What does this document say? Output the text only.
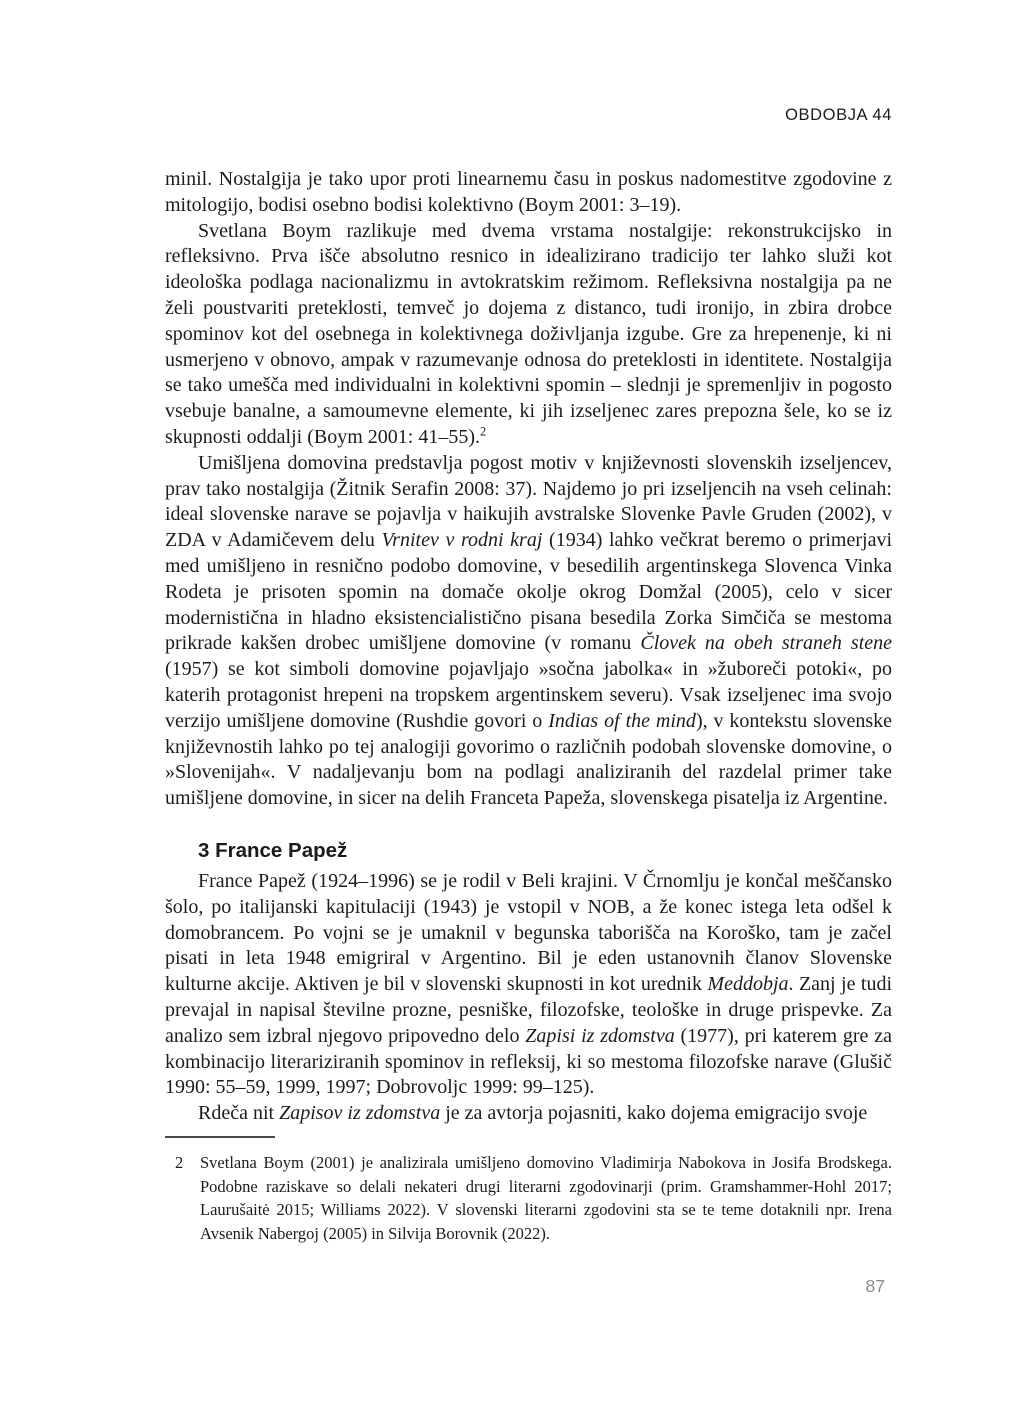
OBDOBJA 44

minil. Nostalgija je tako upor proti linearnemu času in poskus nadomestitve zgodovine z mitologijo, bodisi osebno bodisi kolektivno (Boym 2001: 3–19).

Svetlana Boym razlikuje med dvema vrstama nostalgije: rekonstrukcijsko in refleksivno. Prva išče absolutno resnico in idealizirano tradicijo ter lahko služi kot ideološka podlaga nacionalizmu in avtokratskim režimom. Refleksivna nostalgija pa ne želi poustvariti preteklosti, temveč jo dojema z distanco, tudi ironijo, in zbira drobce spominov kot del osebnega in kolektivnega doživljanja izgube. Gre za hrepenenje, ki ni usmerjeno v obnovo, ampak v razumevanje odnosa do preteklosti in identitete. Nostalgija se tako umešča med individualni in kolektivni spomin – slednji je spremenljiv in pogosto vsebuje banalne, a samoumevne elemente, ki jih izseljenec zares prepozna šele, ko se iz skupnosti oddalji (Boym 2001: 41–55).$^2$

Umišljena domovina predstavlja pogost motiv v književnosti slovenskih izseljencev, prav tako nostalgija (Žitnik Serafin 2008: 37). Najdemo jo pri izseljencih na vseh celinah: ideal slovenske narave se pojavlja v haikujih avstralske Slovenke Pavle Gruden (2002), v ZDA v Adamičevem delu Vrnitev v rodni kraj (1934) lahko večkrat beremo o primerjavi med umišljeno in resnično podobo domovine, v besedilih argentinskega Slovenca Vinka Rodeta je prisoten spomin na domače okolje okrog Domžal (2005), celo v sicer modernistična in hladno eksistencialistično pisana besedila Zorka Simčiča se mestoma prikrade kakšen drobec umišljene domovine (v romanu Človek na obeh straneh stene (1957) se kot simboli domovine pojavljajo »sočna jabolka« in »žuboreči potoki«, po katerih protagonist hrepeni na tropskem argentinskem severu). Vsak izseljenec ima svojo verzijo umišljene domovine (Rushdie govori o Indias of the mind), v kontekstu slovenske književnostih lahko po tej analogiji govorimo o različnih podobah slovenske domovine, o »Slovenijah«. V nadaljevanju bom na podlagi analiziranih del razdelal primer take umišljene domovine, in sicer na delih Franceta Papeža, slovenskega pisatelja iz Argentine.

3 France Papež

France Papež (1924–1996) se je rodil v Beli krajini. V Črnomlju je končal meščansko šolo, po italijanski kapitulaciji (1943) je vstopil v NOB, a že konec istega leta odšel k domobrancem. Po vojni se je umaknil v begunska taborišča na Koroško, tam je začel pisati in leta 1948 emigriral v Argentino. Bil je eden ustanovnih članov Slovenske kulturne akcije. Aktiven je bil v slovenski skupnosti in kot urednik Meddobja. Zanj je tudi prevajal in napisal številne prozne, pesniške, filozofske, teološke in druge prispevke. Za analizo sem izbral njegovo pripovedno delo Zapisi iz zdomstva (1977), pri katerem gre za kombinacijo literariziranih spominov in refleksij, ki so mestoma filozofske narave (Glušič 1990: 55–59, 1999, 1997; Dobrovoljc 1999: 99–125).

Rdeča nit Zapisov iz zdomstva je za avtorja pojasniti, kako dojema emigracijo svoje

2	Svetlana Boym (2001) je analizirala umišljeno domovino Vladimirja Nabokova in Josifa Brodskega. Podobne raziskave so delali nekateri drugi literarni zgodovinarji (prim. Gramshammer-Hohl 2017; Laurušaitė 2015; Williams 2022). V slovenski literarni zgodovini sta se te teme dotaknili npr. Irena Avsenik Nabergoj (2005) in Silvija Borovnik (2022).
87
